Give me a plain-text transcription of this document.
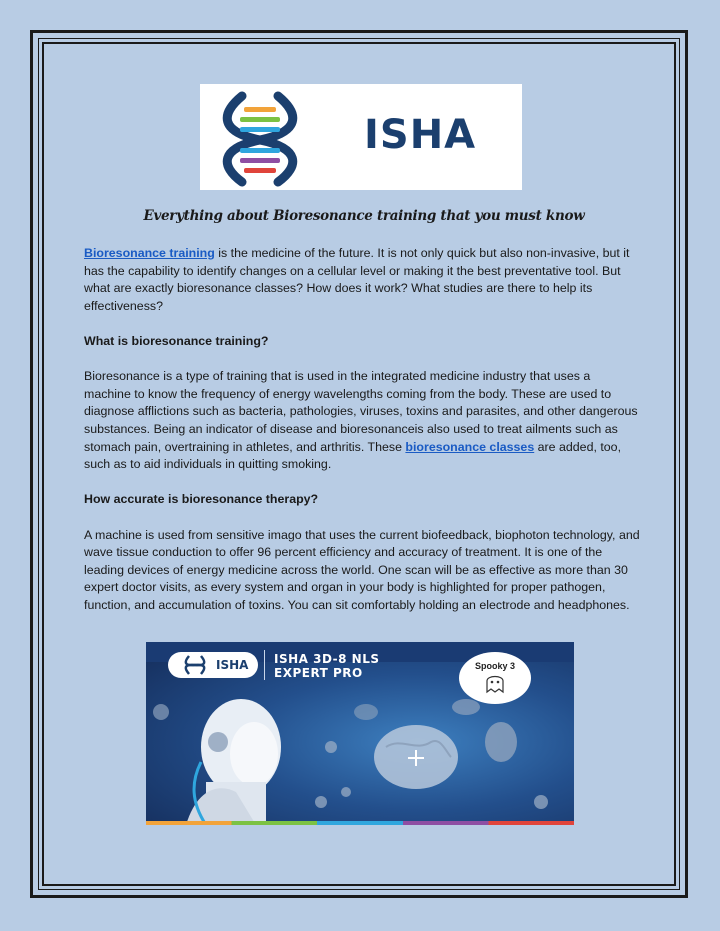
ISHA
Everything about Bioresonance training that you must know

Bioresonance training is the medicine of the future. It is not only quick but also non-invasive, but it has the capability to identify changes on a cellular level or making it the best preventative tool. But what are exactly bioresonance classes? How does it work? What studies are there to help its effectiveness?

What is bioresonance training?

Bioresonance is a type of training that is used in the integrated medicine industry that uses a machine to know the frequency of energy wavelengths coming from the body. These are used to diagnose afflictions such as bacteria, pathologies, viruses, toxins and parasites, and other dangerous substances. Being an indicator of disease and bioresonanceis also used to treat ailments such as stomach pain, overtraining in athletes, and arthritis. These bioresonance classes are added, too, such as to aid individuals in quitting smoking.

How accurate is bioresonance therapy?

A machine is used from sensitive imago that uses the current biofeedback, biophoton technology, and wave tissue conduction to offer 96 percent efficiency and accuracy of treatment. It is one of the leading devices of energy medicine across the world. One scan will be as effective as more than 30 expert doctor visits, as every system and organ in your body is highlighted for proper pathogen, function, and accumulation of toxins. You can sit comfortably holding an electrode and headphones.

ISHA ISHA 3D-8 NLS
EXPERT PRO	Spooky 3
